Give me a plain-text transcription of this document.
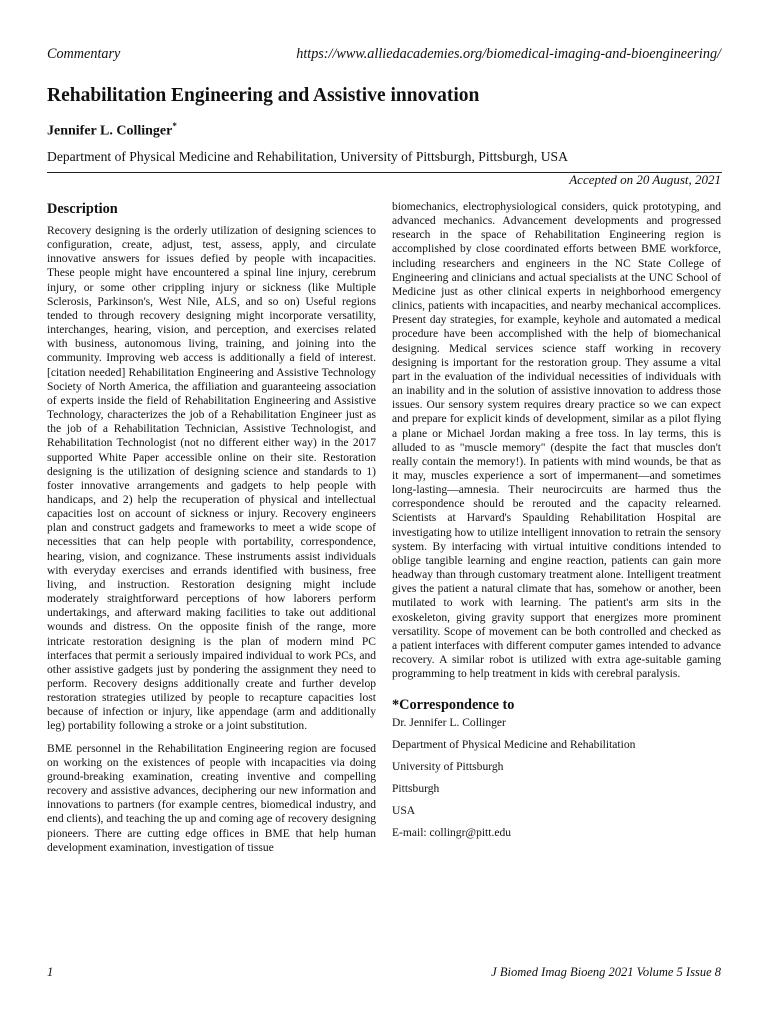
Commentary	https://www.alliedacademies.org/biomedical-imaging-and-bioengineering/
Rehabilitation Engineering and Assistive innovation
Jennifer L. Collinger*
Department of Physical Medicine and Rehabilitation, University of Pittsburgh, Pittsburgh, USA
Accepted on 20 August, 2021
Description

Recovery designing is the orderly utilization of designing sciences to configuration, create, adjust, test, assess, apply, and circulate innovative answers for issues defied by people with incapacities. These people might have encountered a spinal line injury, cerebrum injury, or some other crippling injury or sickness (like Multiple Sclerosis, Parkinson's, West Nile, ALS, and so on) Useful regions tended to through recovery designing might incorporate versatility, interchanges, hearing, vision, and perception, and exercises related with business, autonomous living, training, and joining into the community. Improving web access is additionally a field of interest.[citation needed] Rehabilitation Engineering and Assistive Technology Society of North America, the affiliation and guaranteeing association of experts inside the field of Rehabilitation Engineering and Assistive Technology, characterizes the job of a Rehabilitation Engineer just as the job of a Rehabilitation Technician, Assistive Technologist, and Rehabilitation Technologist (not no different either way) in the 2017 supported White Paper accessible online on their site. Restoration designing is the utilization of designing science and standards to 1) foster innovative arrangements and gadgets to help people with handicaps, and 2) help the recuperation of physical and intellectual capacities lost on account of sickness or injury. Recovery engineers plan and construct gadgets and frameworks to meet a wide scope of necessities that can help people with portability, correspondence, hearing, vision, and cognizance. These instruments assist individuals with everyday exercises and errands identified with business, free living, and instruction. Restoration designing might include moderately straightforward perceptions of how laborers perform undertakings, and afterward making facilities to take out additional wounds and distress. On the opposite finish of the range, more intricate restoration designing is the plan of modern mind PC interfaces that permit a seriously impaired individual to work PCs, and other assistive gadgets just by pondering the assignment they need to perform. Recovery designs additionally create and further develop restoration strategies utilized by people to recapture capacities lost because of infection or injury, like appendage (arm and additionally leg) portability following a stroke or a joint substitution.

BME personnel in the Rehabilitation Engineering region are focused on working on the existences of people with incapacities via doing ground-breaking examination, creating inventive and compelling recovery and assistive advances, deciphering our new information and innovations to partners (for example centres, biomedical industry, and end clients), and teaching the up and coming age of recovery designing pioneers. There are cutting edge offices in BME that help human development examination, investigation of tissue

biomechanics, electrophysiological considers, quick prototyping, and advanced mechanics. Advancement developments and progressed research in the space of Rehabilitation Engineering region is accomplished by close coordinated efforts between BME workforce, including researchers and engineers in the NC State College of Engineering and clinicians and actual specialists at the UNC School of Medicine just as other clinical experts in neighborhood emergency clinics, patients with incapacities, and nearby mechanical accomplices. Present day strategies, for example, keyhole and automated a medical procedure have been accomplished with the help of biomechanical designing. Medical services science staff working in recovery designing is important for the restoration group. They assume a vital part in the evaluation of the individual necessities of individuals with an inability and in the solution of assistive innovation to address those issues. Our sensory system requires dreary practice so we can expect and prepare for explicit kinds of development, similar as a pilot flying a plane or Michael Jordan making a free toss. In lay terms, this is alluded to as "muscle memory" (despite the fact that muscles don't really contain the memory!). In patients with mind wounds, be that as it may, muscles experience a sort of impermanent—and sometimes long-lasting—amnesia. Their neurocircuits are harmed thus the correspondence should be rerouted and the capacity relearned. Scientists at Harvard's Spaulding Rehabilitation Hospital are investigating how to utilize intelligent innovation to retrain the sensory system. By interfacing with virtual intuitive conditions intended to oblige tangible learning and engine reaction, patients can gain more headway than through customary treatment alone. Intelligent treatment gives the patient a natural climate that has, somehow or another, been mutilated to work with learning. The patient's arm sits in the exoskeleton, giving gravity support that energizes more prominent versatility. Scope of movement can be both controlled and checked as a patient interfaces with different computer games intended to advance recovery. A similar robot is utilized with extra age-suitable gaming programming to help treatment in kids with cerebral paralysis.

*Correspondence to
Dr. Jennifer L. Collinger
Department of Physical Medicine and Rehabilitation
University of Pittsburgh
Pittsburgh
USA
E-mail: collingr@pitt.edu
1	J Biomed Imag Bioeng 2021 Volume 5 Issue 8
